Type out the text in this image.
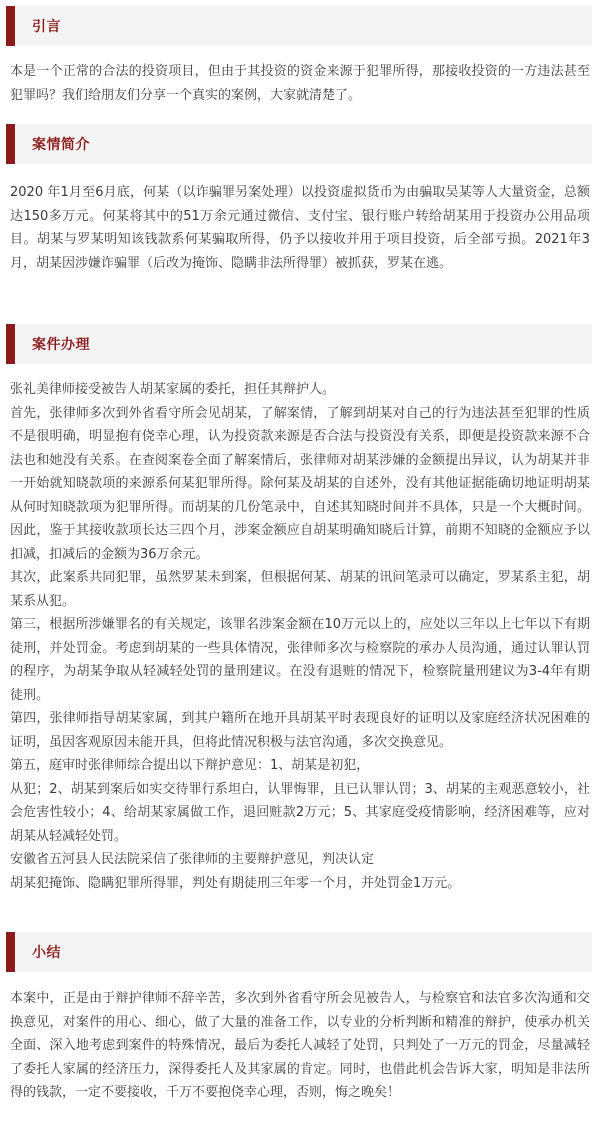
引言

本是一个正常的合法的投资项目，但由于其投资的资金来源于犯罪所得，那接收投资的一方违法甚至犯罪吗？我们给朋友们分享一个真实的案例，大家就清楚了。

案情简介

2020 年1月至6月底，何某（以诈骗罪另案处理）以投资虚拟货币为由骗取吴某等人大量资金，总额达150多万元。何某将其中的51万余元通过微信、支付宝、银行账户转给胡某用于投资办公用品项目。胡某与罗某明知该钱款系何某骗取所得，仍予以接收并用于项目投资，后全部亏损。2021年3月，胡某因涉嫌诈骗罪（后改为掩饰、隐瞒非法所得罪）被抓获，罗某在逃。

案件办理

张礼美律师接受被告人胡某家属的委托，担任其辩护人。

首先，张律师多次到外省看守所会见胡某，了解案情，了解到胡某对自己的行为违法甚至犯罪的性质不是很明确，明显抱有侥幸心理，认为投资款来源是否合法与投资没有关系，即便是投资款来源不合法也和她没有关系。在查阅案卷全面了解案情后，张律师对胡某涉嫌的金额提出异议，认为胡某并非一开始就知晓款项的来源系何某犯罪所得。除何某及胡某的自述外，没有其他证据能确切地证明胡某从何时知晓款项为犯罪所得。而胡某的几份笔录中，自述其知晓时间并不具体，只是一个大概时间。因此，鉴于其接收款项长达三四个月，涉案金额应自胡某明确知晓后计算，前期不知晓的金额应予以扣减，扣减后的金额为36万余元。

其次，此案系共同犯罪，虽然罗某未到案，但根据何某、胡某的讯问笔录可以确定，罗某系主犯，胡某系从犯。

第三，根据所涉嫌罪名的有关规定，该罪名涉案金额在10万元以上的，应处以三年以上七年以下有期徒刑，并处罚金。考虑到胡某的一些具体情况，张律师多次与检察院的承办人员沟通，通过认罪认罚的程序，为胡某争取从轻减轻处罚的量刑建议。在没有退赃的情况下，检察院量刑建议为3-4年有期徒刑。

第四，张律师指导胡某家属，到其户籍所在地开具胡某平时表现良好的证明以及家庭经济状况困难的证明，虽因客观原因未能开具，但将此情况积极与法官沟通，多次交换意见。

第五，庭审时张律师综合提出以下辩护意见：1、胡某是初犯，

从犯；2、胡某到案后如实交待罪行系坦白，认罪悔罪，且已认罪认罚；3、胡某的主观恶意较小，社会危害性较小；4、给胡某家属做工作，退回赃款2万元；5、其家庭受疫情影响，经济困难等，应对胡某从轻减轻处罚。

安徽省五河县人民法院采信了张律师的主要辩护意见，判决认定

胡某犯掩饰、隐瞒犯罪所得罪，判处有期徒刑三年零一个月，并处罚金1万元。

小结

本案中，正是由于辩护律师不辞辛苦，多次到外省看守所会见被告人，与检察官和法官多次沟通和交换意见，对案件的用心、细心，做了大量的准备工作，以专业的分析判断和精准的辩护，使承办机关全面、深入地考虑到案件的特殊情况，最后为委托人减轻了处罚，只判处了一万元的罚金，尽量减轻了委托人家属的经济压力，深得委托人及其家属的肯定。同时，也借此机会告诉大家，明知是非法所得的钱款，一定不要接收，千万不要抱侥幸心理，否则，悔之晚矣！
